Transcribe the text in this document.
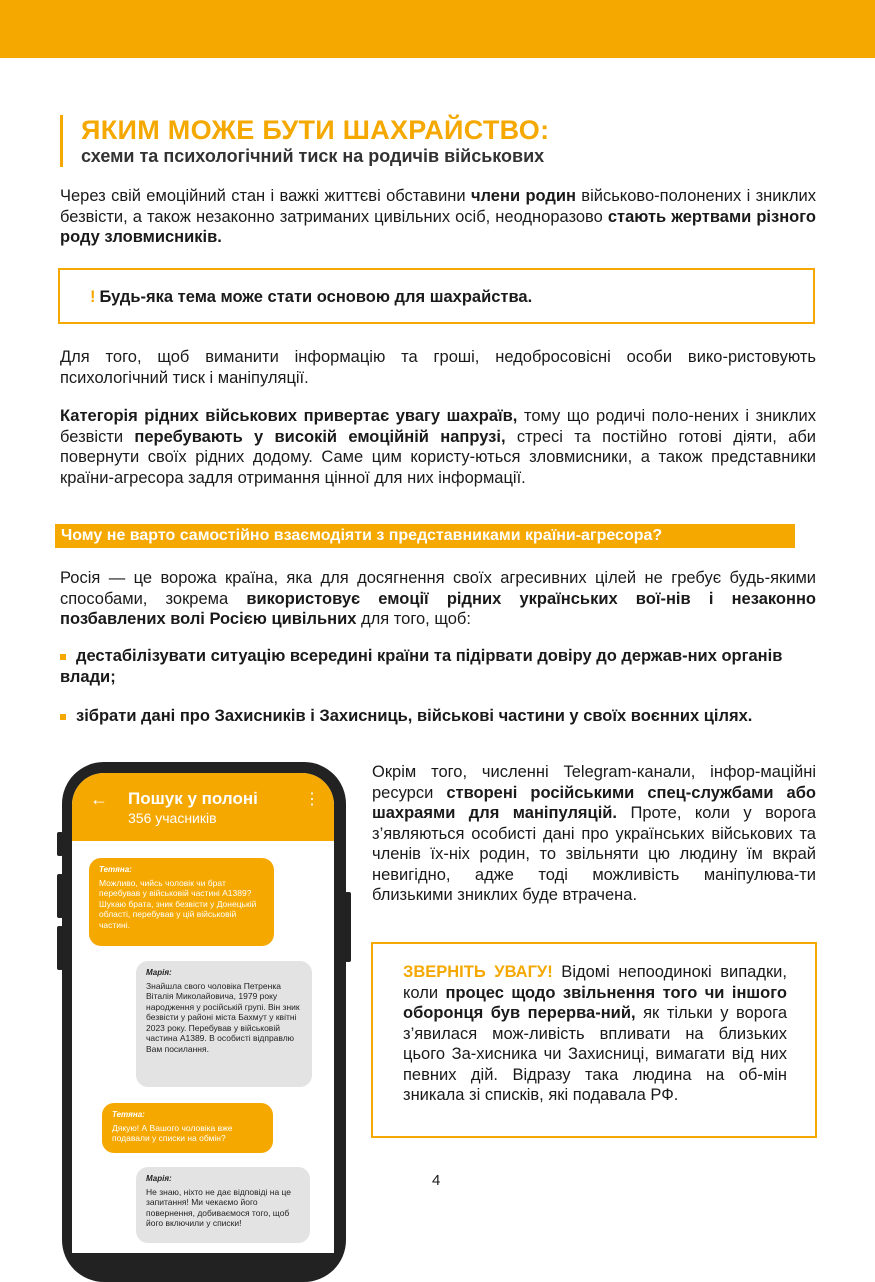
ЯКИМ МОЖЕ БУТИ ШАХРАЙСТВО:
схеми та психологічний тиск на родичів військових
Через свій емоційний стан і важкі життєві обставини члени родин військово-полонених і зниклих безвісти, а також незаконно затриманих цивільних осіб, неодноразово стають жертвами різного роду зловмисників.
! Будь-яка тема може стати основою для шахрайства.
Для того, щоб виманити інформацію та гроші, недобросовісні особи вико-ристовують психологічний тиск і маніпуляції.
Категорія рідних військових привертає увагу шахраїв, тому що родичі поло-нених і зниклих безвісти перебувають у високій емоційній напрузі, стресі та постійно готові діяти, аби повернути своїх рідних додому. Саме цим користу-ються зловмисники, а також представники країни-агресора задля отримання цінної для них інформації.
Чому не варто самостійно взаємодіяти з представниками країни-агресора?
Росія — це ворожа країна, яка для досягнення своїх агресивних цілей не гребує будь-якими способами, зокрема використовує емоції рідних українських вої-нів і незаконно позбавлених волі Росією цивільних для того, щоб:
дестабілізувати ситуацію всередині країни та підірвати довіру до держав-них органів влади;
зібрати дані про Захисників і Захисниць, військові частини у своїх воєнних цілях.
← Пошук у полоні
356 учасників
⋮
Тетяна:
Можливо, чийсь чоловік чи брат перебував у військовій частині А1389? Шукаю брата, зник безвісти у Донецькій області, перебував у цій військовій частині.
Марія:
Знайшла свого чоловіка Петренка Віталія Миколайовича, 1979 року народження у російській групі. Він зник безвісти у районі міста Бахмут у квітні 2023 року. Перебував у військовій частина А1389. В особисті відправлю Вам посилання.
Тетяна:
Дякую! А Вашого чоловіка вже подавали у списки на обмін?
Марія:
Не знаю, ніхто не дає відповіді на це запитання! Ми чекаємо його повернення, добиваємося того, щоб його включили у списки!
Окрім того, численні Telegram-канали, інфор-маційні ресурси створені російськими спец-службами або шахраями для маніпуляцій. Проте, коли у ворога з’являються особисті дані про українських військових та членів їх-ніх родин, то звільняти цю людину їм вкрай невигідно, адже тоді можливість маніпулюва-ти близькими зниклих буде втрачена.
ЗВЕРНІТЬ УВАГУ! Відомі непоодинокі випадки, коли процес щодо звільнення того чи іншого оборонця був перерва-ний, як тільки у ворога з’явилася мож-ливість впливати на близьких цього За-хисника чи Захисниці, вимагати від них певних дій. Відразу така людина на об-мін зникала зі списків, які подавала РФ.
4
